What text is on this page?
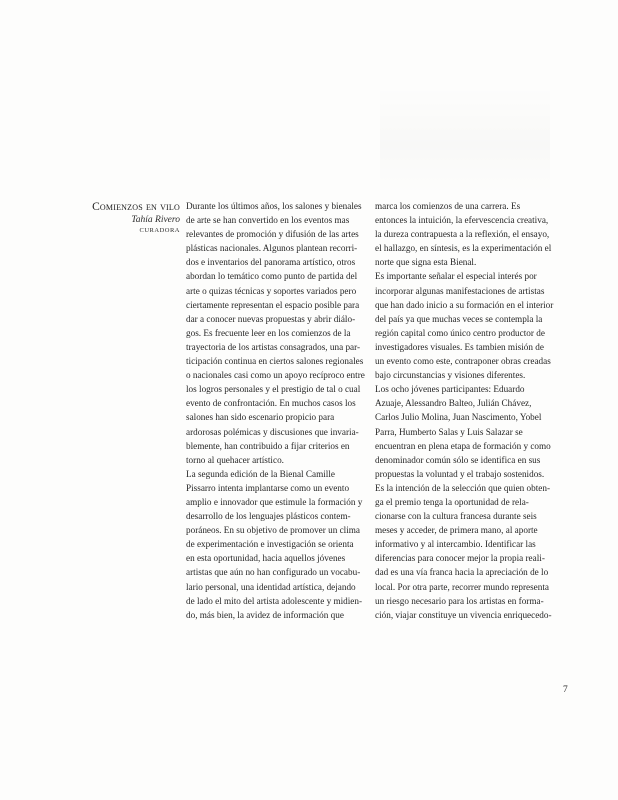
Comienzos en vilo
Tahía Rivero
CURADORA
Durante los últimos años, los salones y bienales
de arte se han convertido en los eventos mas
relevantes de promoción y difusión de las artes
plásticas nacionales. Algunos plantean recorri-
dos e inventarios del panorama artístico, otros
abordan lo temático como punto de partida del
arte o quizas técnicas y soportes variados pero
ciertamente representan el espacio posible para
dar a conocer nuevas propuestas y abrir diálo-
gos. Es frecuente leer en los comienzos de la
trayectoria de los artistas consagrados, una par-
ticipación continua en ciertos salones regionales
o nacionales casi como un apoyo recíproco entre
los logros personales y el prestigio de tal o cual
evento de confrontación. En muchos casos los
salones han sido escenario propicio para
ardorosas polémicas y discusiones que invaria-
blemente, han contribuido a fijar criterios en
torno al quehacer artístico.
La segunda edición de la Bienal Camille
Pissarro intenta implantarse como un evento
amplio e innovador que estimule la formación y
desarrollo de los lenguajes plásticos contem-
poráneos. En su objetivo de promover un clima
de experimentación e investigación se orienta
en esta oportunidad, hacia aquellos jóvenes
artistas que aún no han configurado un vocabu-
lario personal, una identidad artística, dejando
de lado el mito del artista adolescente y midien-
do, más bien, la avidez de información que
marca los comienzos de una carrera. Es
entonces la intuición, la efervescencia creativa,
la dureza contrapuesta a la reflexión, el ensayo,
el hallazgo, en síntesis, es la experimentación el
norte que signa esta Bienal.
Es importante señalar el especial interés por
incorporar algunas manifestaciones de artistas
que han dado inicio a su formación en el interior
del país ya que muchas veces se contempla la
región capital como único centro productor de
investigadores visuales. Es tambien misión de
un evento como este, contraponer obras creadas
bajo circunstancias y visiones diferentes.
Los ocho jóvenes participantes: Eduardo
Azuaje, Alessandro Balteo, Julián Chávez,
Carlos Julio Molina, Juan Nascimento, Yobel
Parra, Humberto Salas y Luis Salazar se
encuentran en plena etapa de formación y como
denominador común sólo se identifica en sus
propuestas la voluntad y el trabajo sostenidos.
Es la intención de la selección que quien obten-
ga el premio tenga la oportunidad de rela-
cionarse con la cultura francesa durante seis
meses y acceder, de primera mano, al aporte
informativo y al intercambio. Identificar las
diferencias para conocer mejor la propia reali-
dad es una vía franca hacia la apreciación de lo
local. Por otra parte, recorrer mundo representa
un riesgo necesario para los artistas en forma-
ción, viajar constituye un vivencia enriquecedo-
7
